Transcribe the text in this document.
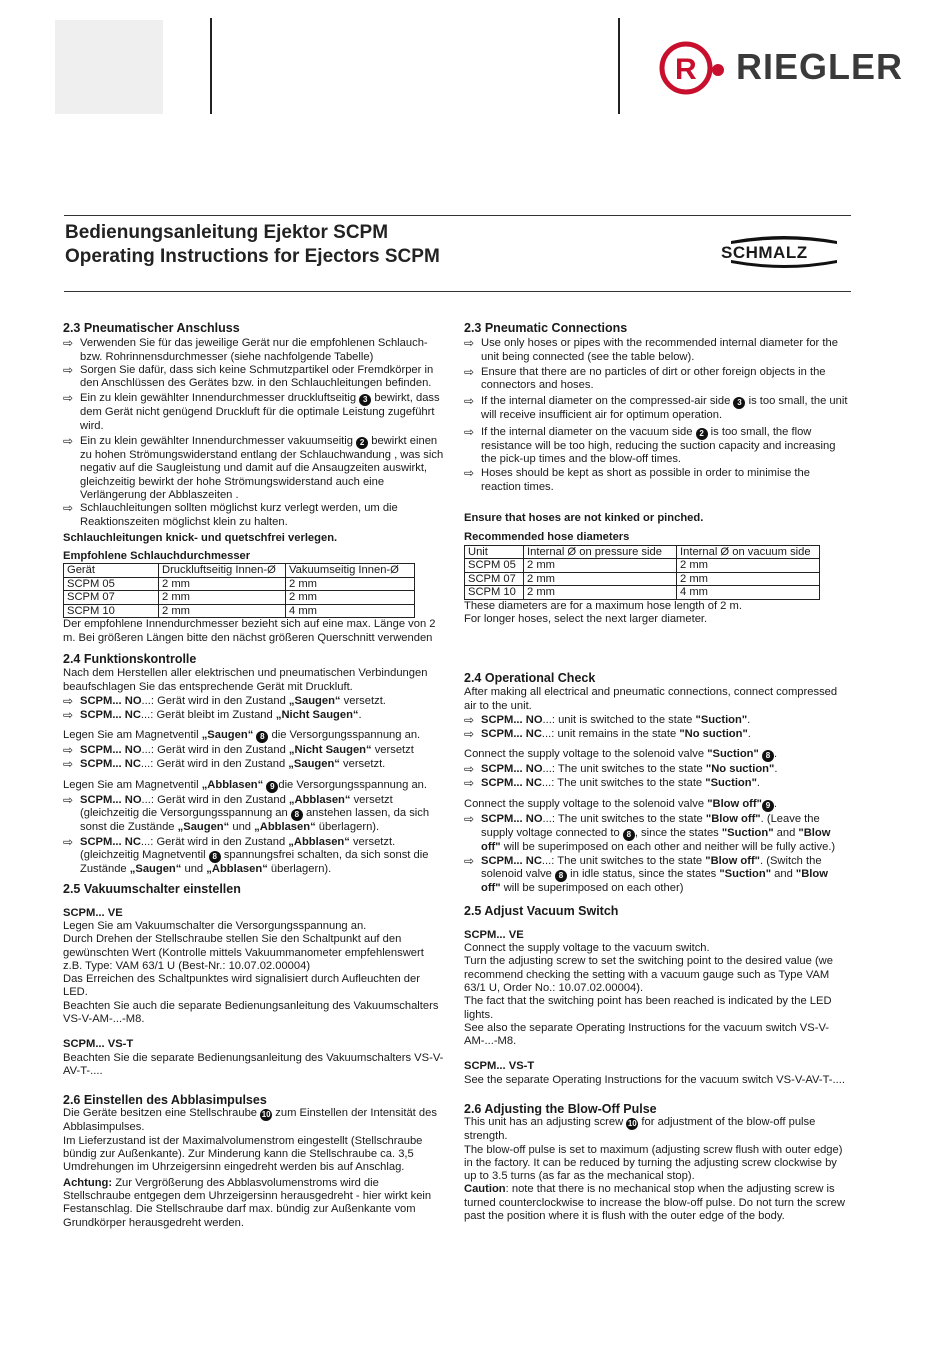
R RIEGLER
Bedienungsanleitung Ejektor SCPM
Operating Instructions for Ejectors SCPM	SCHMALZ
2.3 Pneumatischer Anschluss
⇨ Verwenden Sie für das jeweilige Gerät nur die empfohlenen Schlauch- bzw. Rohrinnensdurchmesser (siehe nachfolgende Tabelle)
⇨ Sorgen Sie dafür, dass sich keine Schmutzpartikel oder Fremdkörper in den Anschlüssen des Gerätes bzw. in den Schlauchleitungen befinden.
⇨ Ein zu klein gewählter Innendurchmesser druckluftseitig 3 bewirkt, dass dem Gerät nicht genügend Druckluft für die optimale Leistung zugeführt wird.
⇨ Ein zu klein gewählter Innendurchmesser vakuumseitig 2 bewirkt einen zu hohen Strömungswiderstand entlang der Schlauchwandung , was sich negativ auf die Saugleistung und damit auf die Ansaugzeiten auswirkt, gleichzeitig bewirkt der hohe Strömungswiderstand auch eine Verlängerung der Abblaszeiten .
⇨ Schlauchleitungen sollten möglichst kurz verlegt werden, um die Reaktionszeiten möglichst klein zu halten.

Schlauchleitungen knick- und quetschfrei verlegen.

Empfohlene Schlauchdurchmesser

Gerät	Druckluftseitig Innen-Ø	Vakuumseitig Innen-Ø
SCPM 05	2 mm	2 mm
SCPM 07	2 mm	2 mm
SCPM 10	2 mm	4 mm

Der empfohlene Innendurchmesser bezieht sich auf eine max. Länge von 2 m. Bei größeren Längen bitte den nächst größeren Querschnitt verwenden

2.4 Funktionskontrolle

Nach dem Herstellen aller elektrischen und pneumatischen Verbindungen beaufschlagen Sie das entsprechende Gerät mit Druckluft.

⇨ SCPM... NO...: Gerät wird in den Zustand „Saugen“ versetzt.
⇨ SCPM... NC...: Gerät bleibt im Zustand „Nicht Saugen“.

Legen Sie am Magnetventil „Saugen“ 8 die Versorgungsspannung an.

⇨ SCPM... NO...: Gerät wird in den Zustand „Nicht Saugen“ versetzt
⇨ SCPM... NC...: Gerät wird in den Zustand „Saugen“ versetzt.

Legen Sie am Magnetventil „Abblasen“ 9 die Versorgungsspannung an.

⇨ SCPM... NO...: Gerät wird in den Zustand „Abblasen“ versetzt (gleichzeitig die Versorgungsspannung an 8 anstehen lassen, da sich sonst die Zustände „Saugen“ und „Abblasen“ überlagern).
⇨ SCPM... NC...: Gerät wird in den Zustand „Abblasen“ versetzt. (gleichzeitig Magnetventil 8 spannungsfrei schalten, da sich sonst die Zustände „Saugen“ und „Abblasen“ überlagern).
2.5 Vakuumschalter einstellen

SCPM... VE

Legen Sie am Vakuumschalter die Versorgungsspannung an.

Durch Drehen der Stellschraube stellen Sie den Schaltpunkt auf den gewünschten Wert (Kontrolle mittels Vakuummanometer empfehlenswert z.B. Type: VAM 63/1 U (Best-Nr.: 10.07.02.00004)

Das Erreichen des Schaltpunktes wird signalisiert durch Aufleuchten der LED.

Beachten Sie auch die separate Bedienungsanleitung des Vakuumschalters VS-V-AM-...-M8.

SCPM... VS-T

Beachten Sie die separate Bedienungsanleitung des Vakuumschalters VS-V-AV-T-....

2.6 Einstellen des Abblasimpulses

Die Geräte besitzen eine Stellschraube 10 zum Einstellen der Intensität des Abblasimpulses.

Im Lieferzustand ist der Maximalvolumenstrom eingestellt (Stellschraube bündig zur Außenkante). Zur Minderung kann die Stellschraube ca. 3,5 Umdrehungen im Uhrzeigersinn eingedreht werden bis auf Anschlag.

Achtung: Zur Vergrößerung des Abblasvolumenstroms wird die Stellschraube entgegen dem Uhrzeigersinn herausgedreht - hier wirkt kein Festanschlag. Die Stellschraube darf max. bündig zur Außenkante vom Grundkörper herausgedreht werden.

2.3 Pneumatic Connections
⇨ Use only hoses or pipes with the recommended internal diameter for the unit being connected (see the table below).
⇨ Ensure that there are no particles of dirt or other foreign objects in the connectors and hoses.
⇨ If the internal diameter on the compressed-air side 3 is too small, the unit will receive insufficient air for optimum operation.
⇨ If the internal diameter on the vacuum side 2 is too small, the flow resistance will be too high, reducing the suction capacity and increasing the pick-up times and the blow-off times.
⇨ Hoses should be kept as short as possible in order to minimise the reaction times.

Ensure that hoses are not kinked or pinched.

Recommended hose diameters

Unit	Internal Ø on pressure side	Internal Ø on vacuum side
SCPM 05	2 mm	2 mm
SCPM 07	2 mm	2 mm
SCPM 10	2 mm	4 mm

These diameters are for a maximum hose length of 2 m.

For longer hoses, select the next larger diameter.

2.4 Operational Check

After making all electrical and pneumatic connections, connect compressed air to the unit.

⇨ SCPM... NO...: unit is switched to the state "Suction".
⇨ SCPM... NC...: unit remains in the state "No suction".

Connect the supply voltage to the solenoid valve "Suction" 8 .

⇨ SCPM... NO...: The unit switches to the state "No suction".
⇨ SCPM... NC...: The unit switches to the state "Suction".

Connect the supply voltage to the solenoid valve "Blow off" 9 .

⇨ SCPM... NO...: The unit switches to the state "Blow off". (Leave the supply voltage connected to 8 , since the states "Suction" and "Blow off" will be superimposed on each other and neither will be fully active.)
⇨ SCPM... NC...: The unit switches to the state "Blow off". (Switch the solenoid valve 8 in idle status, since the states "Suction" and "Blow off" will be superimposed on each other)
2.5 Adjust Vacuum Switch

SCPM... VE

Connect the supply voltage to the vacuum switch.

Turn the adjusting screw to set the switching point to the desired value (we recommend checking the setting with a vacuum gauge such as Type VAM 63/1 U, Order No.: 10.07.02.00004).

The fact that the switching point has been reached is indicated by the LED lights.

See also the separate Operating Instructions for the vacuum switch VS-V-AM-...-M8.

SCPM... VS-T

See the separate Operating Instructions for the vacuum switch VS-V-AV-T-....

2.6 Adjusting the Blow-Off Pulse

This unit has an adjusting screw 10 for adjustment of the blow-off pulse strength.

The blow-off pulse is set to maximum (adjusting screw flush with outer edge) in the factory. It can be reduced by turning the adjusting screw clockwise by up to 3.5 turns (as far as the mechanical stop).

Caution: note that there is no mechanical stop when the adjusting screw is turned counterclockwise to increase the blow-off pulse. Do not turn the screw past the position where it is flush with the outer edge of the body.
